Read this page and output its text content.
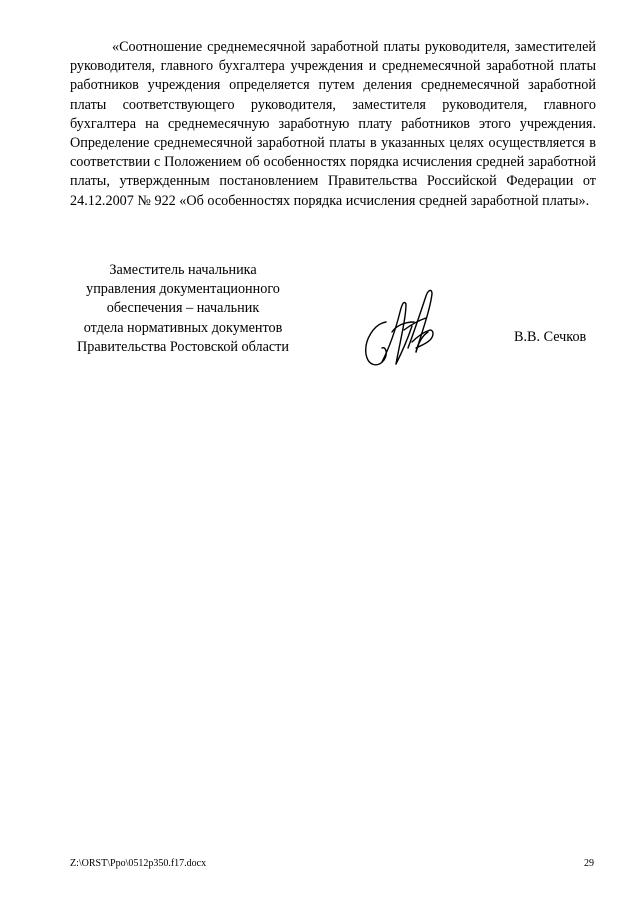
«Соотношение среднемесячной заработной платы руководителя, заместителей руководителя, главного бухгалтера учреждения и среднемесячной заработной платы работников учреждения определяется путем деления среднемесячной заработной платы соответствующего руководителя, заместителя руководителя, главного бухгалтера на среднемесячную заработную плату работников этого учреждения. Определение среднемесячной заработной платы в указанных целях осуществляется в соответствии с Положением об особенностях порядка исчисления средней заработной платы, утвержденным постановлением Правительства Российской Федерации от 24.12.2007 № 922 «Об особенностях порядка исчисления средней заработной платы».

Заместитель начальника
управления документационного
обеспечения – начальник
отдела нормативных документов
Правительства Ростовской области
В.В. Сечков
Z:\ORST\Ppo\0512p350.f17.docx	29
